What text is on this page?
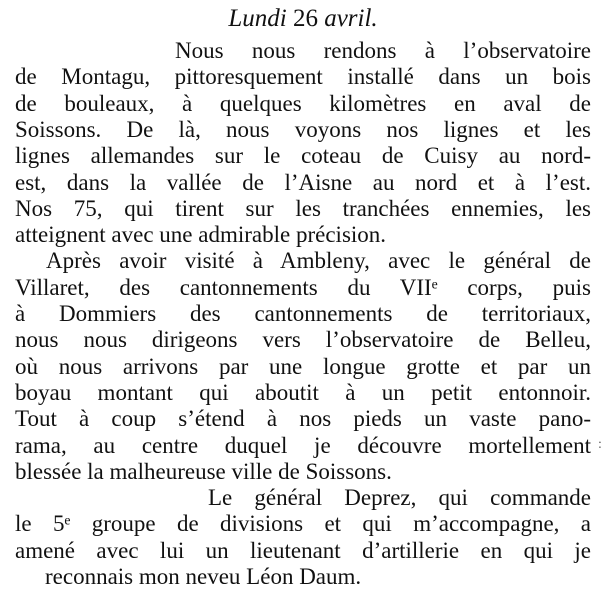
Lundi 26 avril.
Nous nous rendons à l’observatoire
de Montagu, pittoresquement installé dans un bois
de bouleaux, à quelques kilomètres en aval de
Soissons. De là, nous voyons nos lignes et les
lignes allemandes sur le coteau de Cuisy au nord-
est, dans la vallée de l’Aisne au nord et à l’est.
Nos 75, qui tirent sur les tranchées ennemies, les
atteignent avec une admirable précision.
Après avoir visité à Ambleny, avec le général de
Villaret, des cantonnements du VIIᵉ corps, puis
à Dommiers des cantonnements de territoriaux,
nous nous dirigeons vers l’observatoire de Belleu,
où nous arrivons par une longue grotte et par un
boyau montant qui aboutit à un petit entonnoir.
Tout à coup s’étend à nos pieds un vaste pano-
rama, au centre duquel je découvre mortellement
blessée la malheureuse ville de Soissons.
Le général Deprez, qui commande
le 5ᵉ groupe de divisions et qui m’accompagne, a
amené avec lui un lieutenant d’artillerie en qui je
reconnais mon neveu Léon Daum.
:
